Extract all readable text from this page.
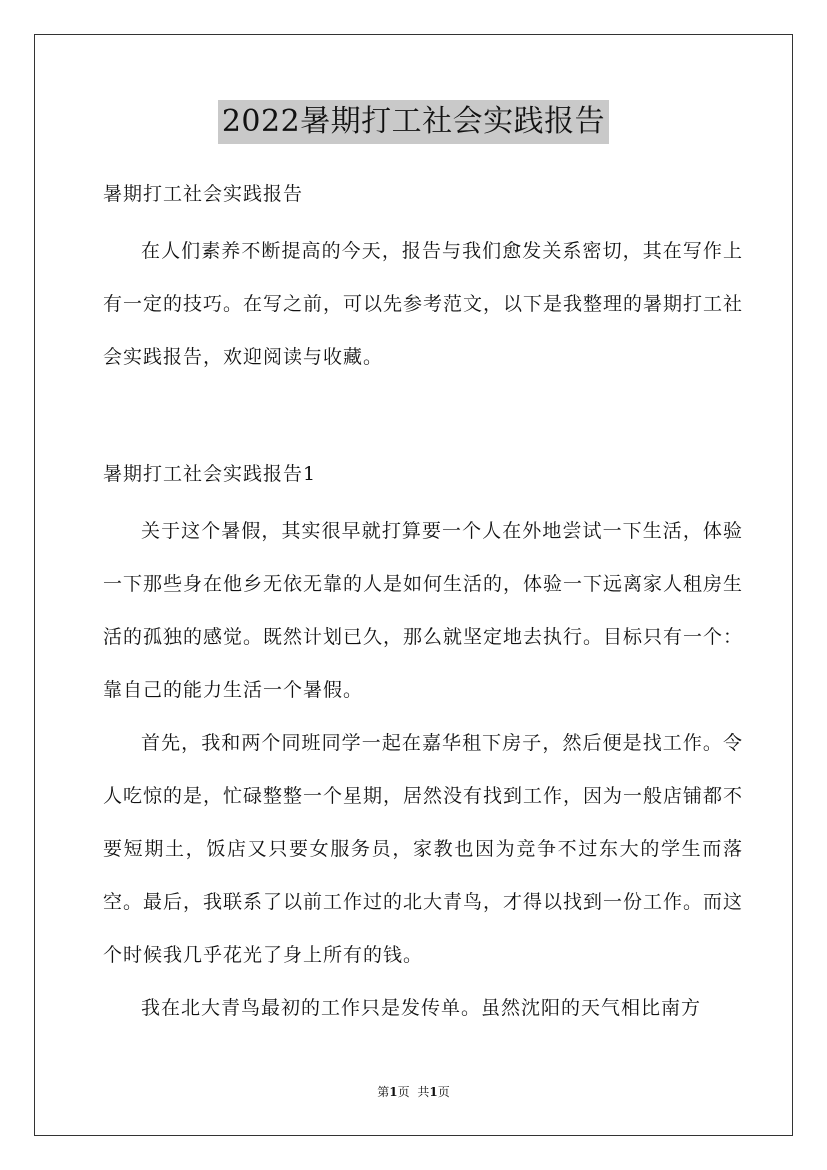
2022暑期打工社会实践报告

暑期打工社会实践报告

在人们素养不断提高的今天，报告与我们愈发关系密切，其在写作上有一定的技巧。在写之前，可以先参考范文，以下是我整理的暑期打工社会实践报告，欢迎阅读与收藏。

暑期打工社会实践报告1

关于这个暑假，其实很早就打算要一个人在外地尝试一下生活，体验一下那些身在他乡无依无靠的人是如何生活的，体验一下远离家人租房生活的孤独的感觉。既然计划已久，那么就坚定地去执行。目标只有一个：靠自己的能力生活一个暑假。

首先，我和两个同班同学一起在嘉华租下房子，然后便是找工作。令人吃惊的是，忙碌整整一个星期，居然没有找到工作，因为一般店铺都不要短期土，饭店又只要女服务员，家教也因为竞争不过东大的学生而落空。最后，我联系了以前工作过的北大青鸟，才得以找到一份工作。而这个时候我几乎花光了身上所有的钱。

我在北大青鸟最初的工作只是发传单。虽然沈阳的天气相比南方

第1页 共1页
